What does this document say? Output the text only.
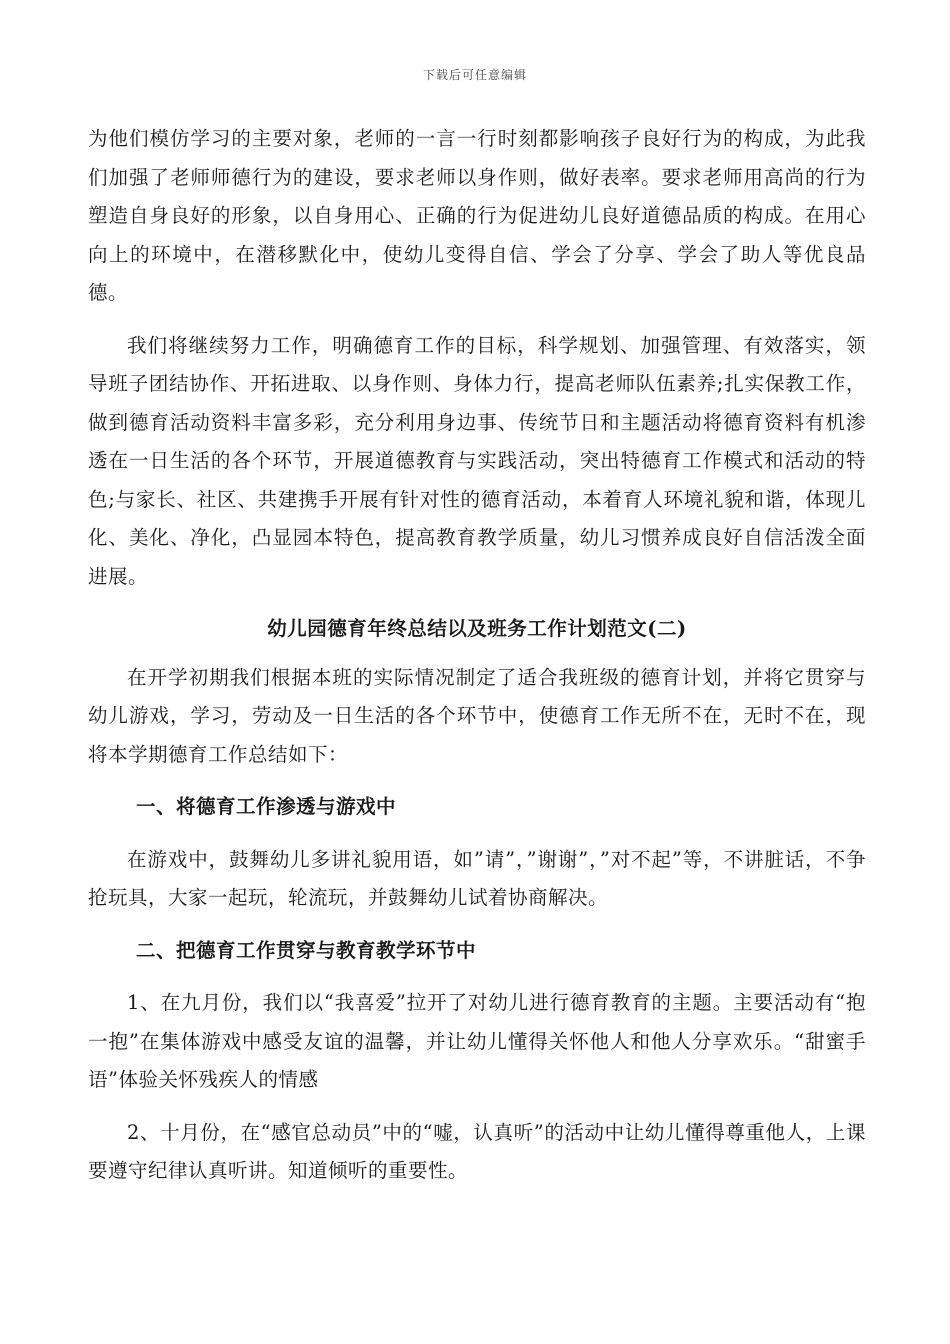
下载后可任意编辑

为他们模仿学习的主要对象，老师的一言一行时刻都影响孩子良好行为的构成，为此我们加强了老师师德行为的建设，要求老师以身作则，做好表率。要求老师用高尚的行为塑造自身良好的形象，以自身用心、正确的行为促进幼儿良好道德品质的构成。在用心向上的环境中，在潜移默化中，使幼儿变得自信、学会了分享、学会了助人等优良品德。

我们将继续努力工作，明确德育工作的目标，科学规划、加强管理、有效落实，领导班子团结协作、开拓进取、以身作则、身体力行，提高老师队伍素养;扎实保教工作，做到德育活动资料丰富多彩，充分利用身边事、传统节日和主题活动将德育资料有机渗透在一日生活的各个环节，开展道德教育与实践活动，突出特德育工作模式和活动的特色;与家长、社区、共建携手开展有针对性的德育活动，本着育人环境礼貌和谐，体现儿化、美化、净化，凸显园本特色，提高教育教学质量，幼儿习惯养成良好自信活泼全面进展。

幼儿园德育年终总结以及班务工作计划范文(二)

在开学初期我们根据本班的实际情况制定了适合我班级的德育计划，并将它贯穿与幼儿游戏，学习，劳动及一日生活的各个环节中，使德育工作无所不在，无时不在，现将本学期德育工作总结如下：

一、将德育工作渗透与游戏中

在游戏中，鼓舞幼儿多讲礼貌用语，如”请”，”谢谢”，”对不起”等，不讲脏话，不争抢玩具，大家一起玩，轮流玩，并鼓舞幼儿试着协商解决。

二、把德育工作贯穿与教育教学环节中

1、在九月份，我们以“我喜爱”拉开了对幼儿进行德育教育的主题。主要活动有“抱一抱”在集体游戏中感受友谊的温馨，并让幼儿懂得关怀他人和他人分享欢乐。“甜蜜手语”体验关怀残疾人的情感

2、十月份，在“感官总动员”中的“嘘，认真听”的活动中让幼儿懂得尊重他人，上课要遵守纪律认真听讲。知道倾听的重要性。
